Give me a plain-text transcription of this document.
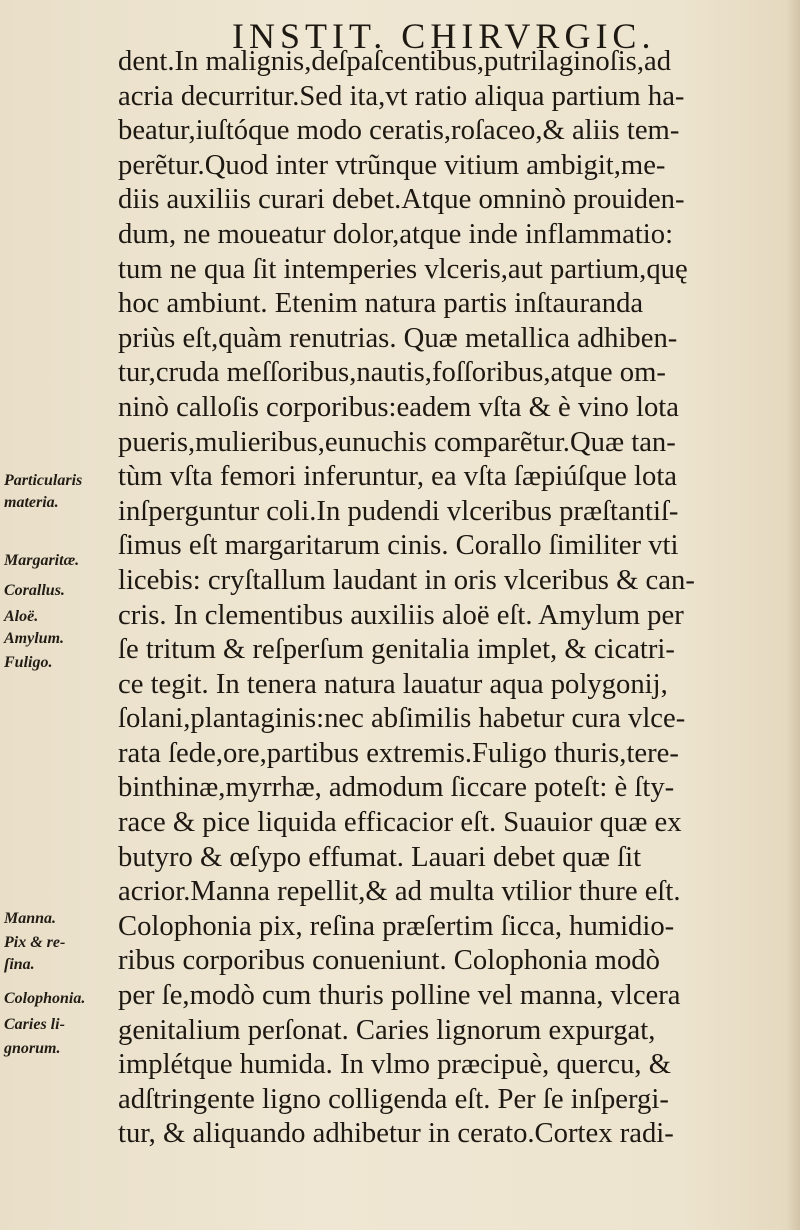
INSTIT. CHIRVRGIC.
dent.In malignis,deſpaſcentibus,putrilaginoſis,ad
acria decurritur.Sed ita,vt ratio aliqua partium ha-
beatur,iuſtóque modo ceratis,roſaceo,& aliis tem-
perẽtur.Quod inter vtrũnque vitium ambigit,me-
diis auxiliis curari debet.Atque omninò prouiden-
dum, ne moueatur dolor,atque inde inflammatio:
tum ne qua ſit intemperies vlceris,aut partium,quę
hoc ambiunt. Etenim natura partis inſtauranda
priùs eſt,quàm renutrias. Quæ metallica adhiben-
tur,cruda meſſoribus,nautis,foſſoribus,atque om-
ninò calloſis corporibus:eadem vſta & è vino lota
pueris,mulieribus,eunuchis comparẽtur.Quæ tan-
tùm vſta femori inferuntur, ea vſta ſæpiúſque lota
inſperguntur coli.In pudendi vlceribus præſtantiſ-
ſimus eſt margaritarum cinis. Corallo ſimiliter vti
licebis: cryſtallum laudant in oris vlceribus & can-
cris. In clementibus auxiliis aloë eſt. Amylum per
ſe tritum & reſperſum genitalia implet, & cicatri-
ce tegit. In tenera natura lauatur aqua polygonij,
ſolani,plantaginis:nec abſimilis habetur cura vlce-
rata ſede,ore,partibus extremis.Fuligo thuris,tere-
binthinæ,myrrhæ, admodum ſiccare poteſt: è ſty-
race & pice liquida efficacior eſt. Suauior quæ ex
butyro & œſypo effumat. Lauari debet quæ ſit
acrior.Manna repellit,& ad multa vtilior thure eſt.
Colophonia pix, reſina præſertim ſicca, humidio-
ribus corporibus conueniunt. Colophonia modò
per ſe,modò cum thuris polline vel manna, vlcera
genitalium perſonat. Caries lignorum expurgat,
implétque humida. In vlmo præcipuè, quercu, &
adſtringente ligno colligenda eſt. Per ſe inſpergi-
tur, & aliquando adhibetur in cerato.Cortex radi-
Particularis
materia.
Margaritæ.
Corallus.
Aloë.
Amylum.
Fuligo.
Manna.
Pix & re-
ſina.
Colophonia.
Caries li-
gnorum.
